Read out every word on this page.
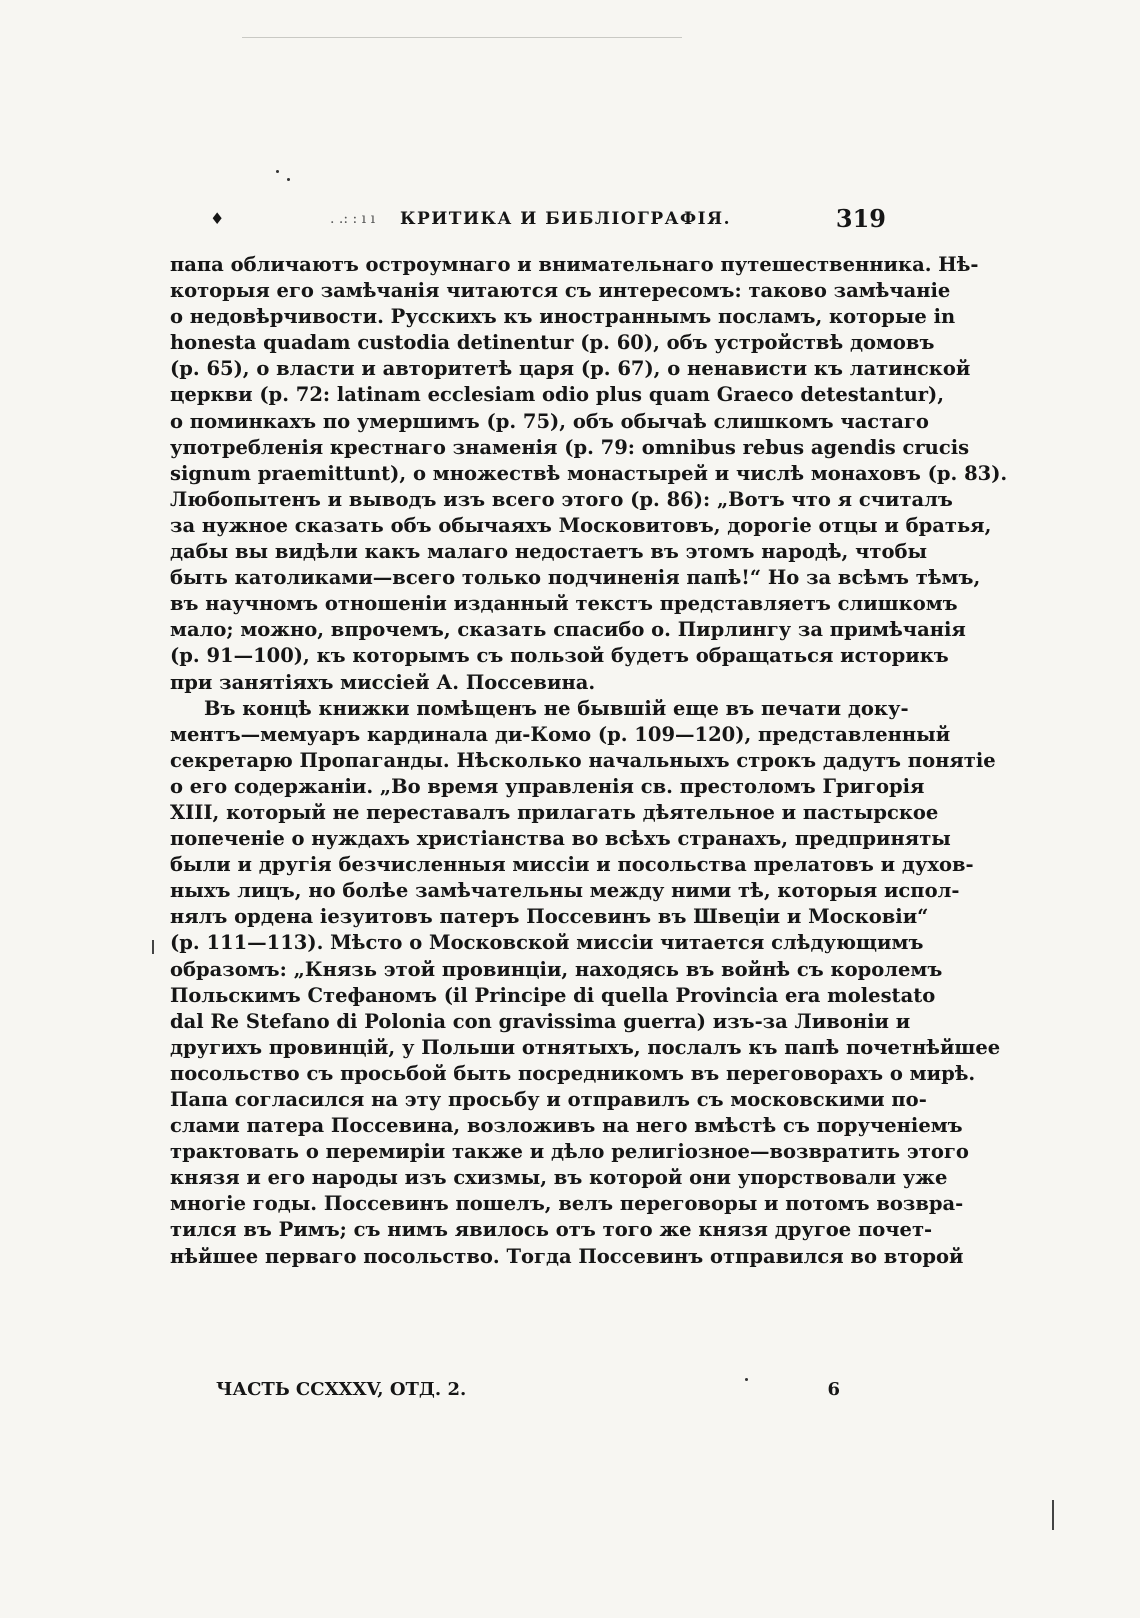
♦	. .: : ı ı КРИТИКА И БИБЛІОГРАФІЯ.	319
папа обличаютъ остроумнаго и внимательнаго путешественника. Нѣ-
которыя его замѣчанія читаются съ интересомъ: таково замѣчаніе
о недовѣрчивости. Русскихъ къ иностраннымъ посламъ, которые in
honesta quadam custodia detinentur (p. 60), объ устройствѣ домовъ
(p. 65), о власти и авторитетѣ царя (p. 67), о ненависти къ латинской
церкви (p. 72: latinam ecclesiam odio plus quam Graeco detestantur),
о поминкахъ по умершимъ (p. 75), объ обычаѣ слишкомъ частаго
употребленія крестнаго знаменія (p. 79: omnibus rebus agendis crucis
signum praemittunt), о множествѣ монастырей и числѣ монаховъ (p. 83).
Любопытенъ и выводъ изъ всего этого (p. 86): „Вотъ что я считалъ
за нужное сказать объ обычаяхъ Московитовъ, дорогіе отцы и братья,
дабы вы видѣли какъ малаго недостаетъ въ этомъ народѣ, чтобы
быть католиками—всего только подчиненія папѣ!“ Но за всѣмъ тѣмъ,
въ научномъ отношеніи изданный текстъ представляетъ слишкомъ
мало; можно, впрочемъ, сказать спасибо о. Пирлингу за примѣчанія
(p. 91—100), къ которымъ съ пользой будетъ обращаться историкъ
при занятіяхъ миссіей А. Поссевина.
Въ концѣ книжки помѣщенъ не бывшій еще въ печати доку-
ментъ—мемуаръ кардинала ди-Комо (p. 109—120), представленный
секретарю Пропаганды. Нѣсколько начальныхъ строкъ дадутъ понятіе
о его содержаніи. „Во время управленія св. престоломъ Григорія
XIII, который не переставалъ прилагать дѣятельное и пастырское
попеченіе о нуждахъ христіанства во всѣхъ странахъ, предприняты
были и другія безчисленныя миссіи и посольства прелатовъ и духов-
ныхъ лицъ, но болѣе замѣчательны между ними тѣ, которыя испол-
нялъ ордена іезуитовъ патеръ Поссевинъ въ Швеціи и Московіи“
(p. 111—113). Мѣсто о Московской миссіи читается слѣдующимъ
образомъ: „Князь этой провинціи, находясь въ войнѣ съ королемъ
Польскимъ Стефаномъ (il Principe di quella Provincia era molestato
dal Re Stefano di Polonia con gravissima guerra) изъ-за Ливоніи и
другихъ провинцій, у Польши отнятыхъ, послалъ къ папѣ почетнѣйшее
посольство съ просьбой быть посредникомъ въ переговорахъ о мирѣ.
Папа согласился на эту просьбу и отправилъ съ московскими по-
слами патера Поссевина, возложивъ на него вмѣстѣ съ порученіемъ
трактовать о перемиріи также и дѣло религіозное—возвратить этого
князя и его народы изъ схизмы, въ которой они упорствовали уже
многіе годы. Поссевинъ пошелъ, велъ переговоры и потомъ возвра-
тился въ Римъ; съ нимъ явилось отъ того же князя другое почет-
нѣйшее перваго посольство. Тогда Поссевинъ отправился во второй
ЧАСТЬ CCXXXV, ОТД. 2.	6
